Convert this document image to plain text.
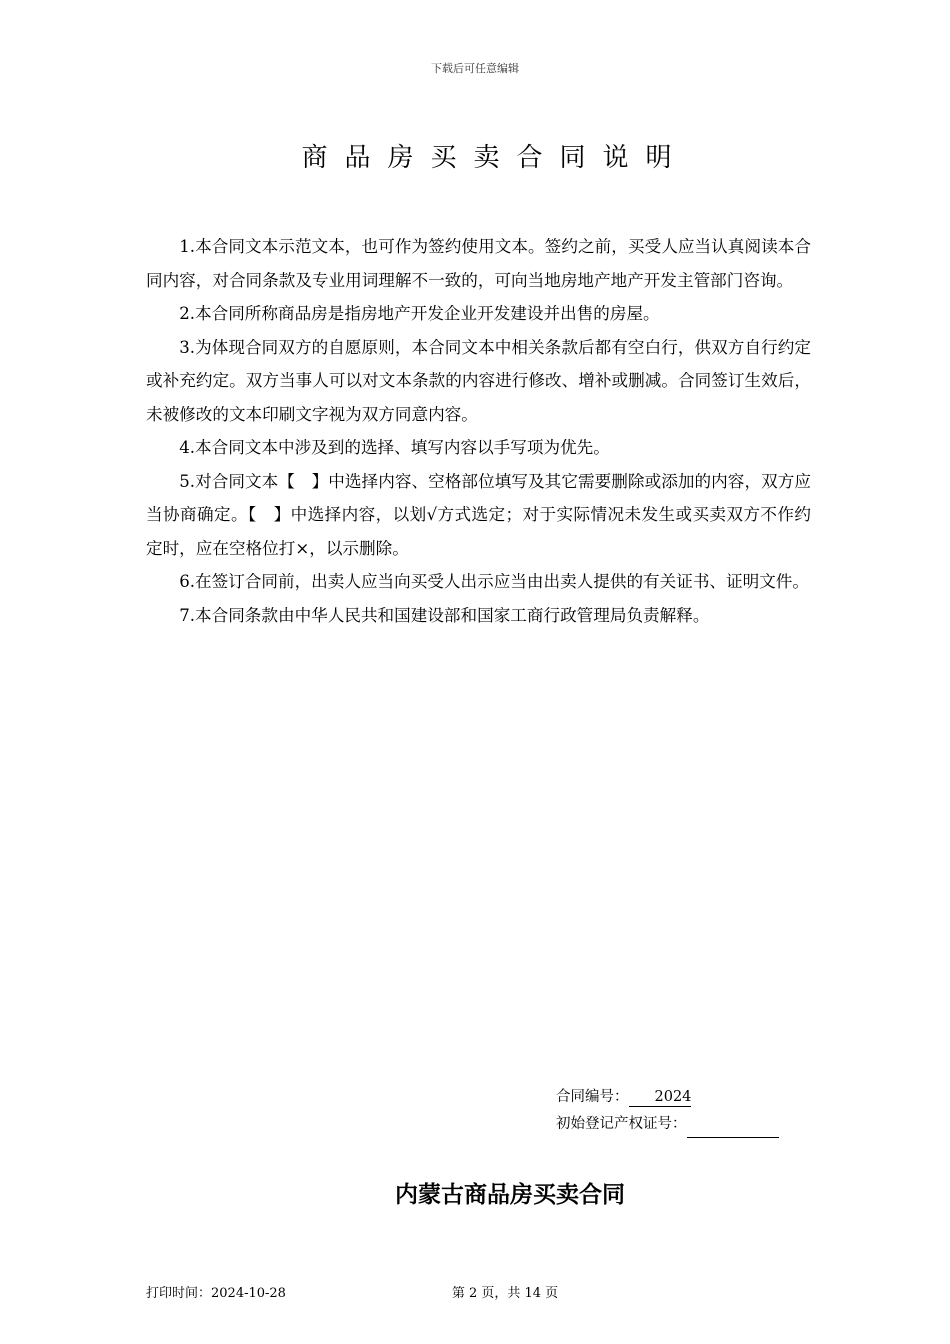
下载后可任意编辑
商品房买卖合同说明

1.本合同文本示范文本，也可作为签约使用文本。签约之前，买受人应当认真阅读本合同内容，对合同条款及专业用词理解不一致的，可向当地房地产地产开发主管部门咨询。

2.本合同所称商品房是指房地产开发企业开发建设并出售的房屋。

3.为体现合同双方的自愿原则，本合同文本中相关条款后都有空白行，供双方自行约定或补充约定。双方当事人可以对文本条款的内容进行修改、增补或删减。合同签订生效后，未被修改的文本印刷文字视为双方同意内容。

4.本合同文本中涉及到的选择、填写内容以手写项为优先。

5.对合同文本【　】中选择内容、空格部位填写及其它需要删除或添加的内容，双方应当协商确定。【　】中选择内容，以划√方式选定；对于实际情况未发生或买卖双方不作约定时，应在空格位打×，以示删除。

6.在签订合同前，出卖人应当向买受人出示应当由出卖人提供的有关证书、证明文件。

7.本合同条款由中华人民共和国建设部和国家工商行政管理局负责解释。

合同编号： 2024
初始登记产权证号：
内蒙古商品房买卖合同
打印时间：2024-10-28	第 2 页，共 14 页
